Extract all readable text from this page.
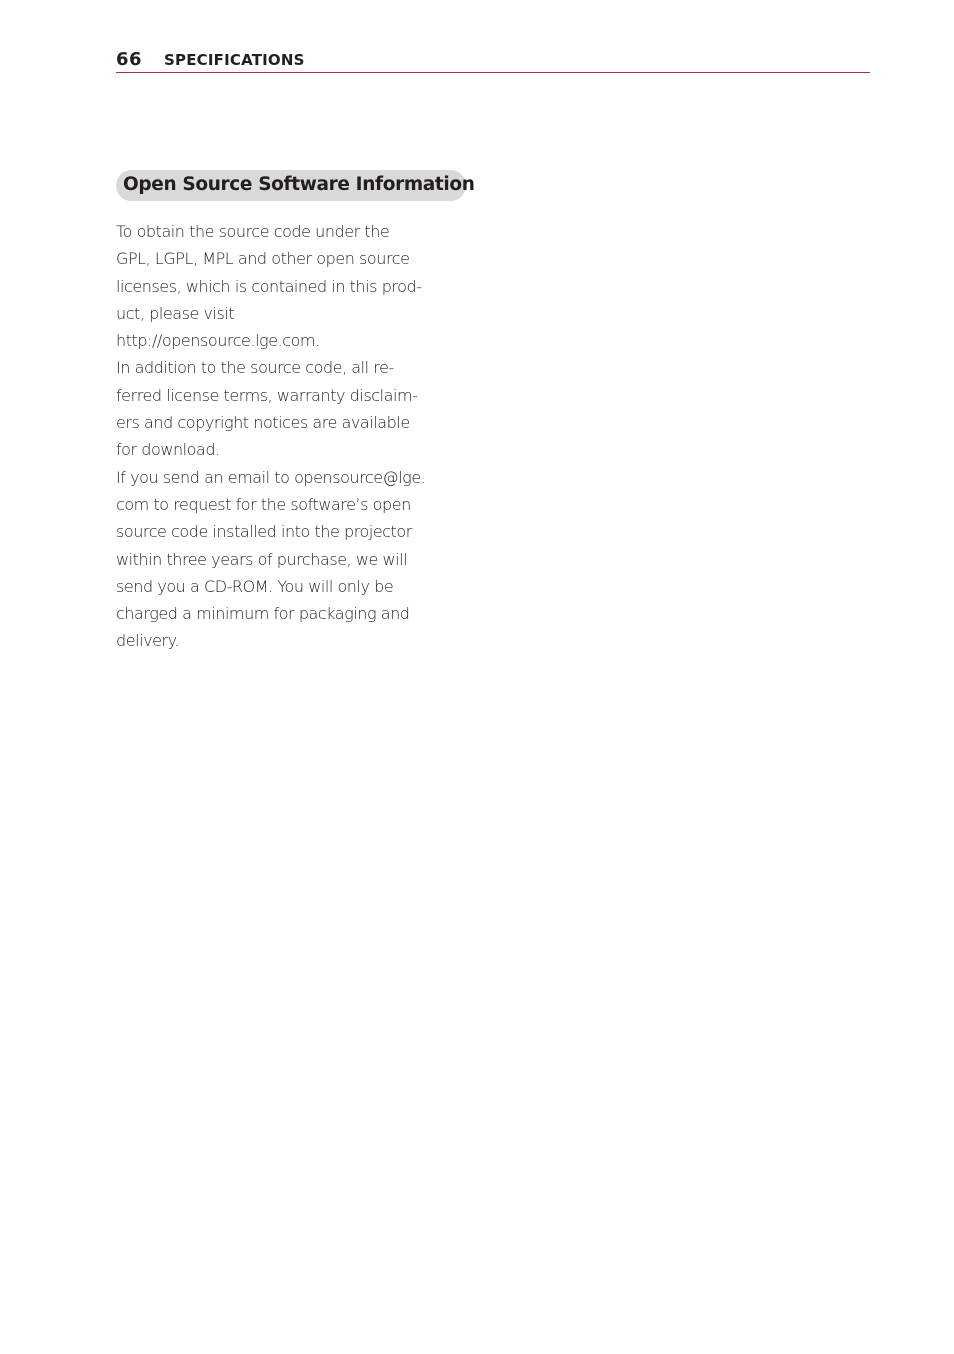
66 SPECIFICATIONS
Open Source Software Information
To obtain the source code under the
GPL, LGPL, MPL and other open source
licenses, which is contained in this prod-
uct, please visit
http://opensource.lge.com.
In addition to the source code, all re-
ferred license terms, warranty disclaim-
ers and copyright notices are available
for download.
If you send an email to opensource@lge.
com to request for the software’s open
source code installed into the projector
within three years of purchase, we will
send you a CD-ROM. You will only be
charged a minimum for packaging and
delivery.
